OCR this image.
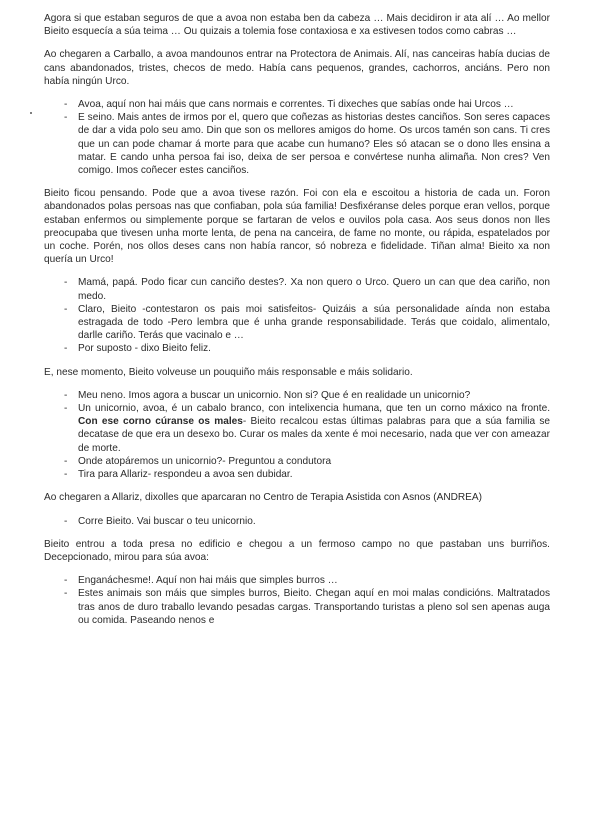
Agora si que estaban seguros de que a avoa non estaba ben da cabeza … Mais decidiron ir ata alí … Ao mellor Bieito esquecía a súa teima … Ou quizais a tolemia fose contaxiosa e xa estivesen todos como cabras …

Ao chegaren a Carballo, a avoa mandounos entrar na Protectora de Animais. Alí, nas canceiras había ducias de cans abandonados, tristes, checos de medo. Había cans pequenos, grandes, cachorros, anciáns. Pero non había ningún Urco.

- Avoa, aquí non hai máis que cans normais e correntes. Ti dixeches que sabías onde hai Urcos …
- E seino. Mais antes de irmos por el, quero que coñezas as historias destes canciños. Son seres capaces de dar a vida polo seu amo. Din que son os mellores amigos do home. Os urcos tamén son cans. Ti cres que un can pode chamar á morte para que acabe cun humano? Eles só atacan se o dono lles ensina a matar. E cando unha persoa fai iso, deixa de ser persoa e convértese nunha alimaña. Non cres? Ven comigo. Imos coñecer estes canciños.

Bieito ficou pensando. Pode que a avoa tivese razón. Foi con ela e escoitou a historia de cada un. Foron abandonados polas persoas nas que confiaban, pola súa familia! Desfixéranse deles porque eran vellos, porque estaban enfermos ou simplemente porque se fartaran de velos e ouvilos pola casa. Aos seus donos non lles preocupaba que tivesen unha morte lenta, de pena na canceira, de fame no monte, ou rápida, espatelados por un coche. Porén, nos ollos deses cans non había rancor, só nobreza e fidelidade. Tiñan alma! Bieito xa non quería un Urco!

- Mamá, papá. Podo ficar cun canciño destes?. Xa non quero o Urco. Quero un can que dea cariño, non medo.
- Claro, Bieito -contestaron os pais moi satisfeitos- Quizáis a súa personalidade aínda non estaba estragada de todo -Pero lembra que é unha grande responsabilidade. Terás que coidalo, alimentalo, darlle cariño. Terás que vacinalo e …
- Por suposto - dixo Bieito feliz.

E, nese momento, Bieito volveuse un pouquiño máis responsable e máis solidario.

- Meu neno. Imos agora a buscar un unicornio. Non si? Que é en realidade un unicornio?
- Un unicornio, avoa, é un cabalo branco, con intelixencia humana, que ten un corno máxico na fronte. Con ese corno cúranse os males- Bieito recalcou estas últimas palabras para que a súa familia se decatase de que era un desexo bo. Curar os males da xente é moi necesario, nada que ver con ameazar de morte.
- Onde atopáremos un unicornio?- Preguntou a condutora
- Tira para Allariz- respondeu a avoa sen dubidar.

Ao chegaren a Allariz, dixolles que aparcaran no Centro de Terapia Asistida con Asnos (ANDREA)

- Corre Bieito. Vai buscar o teu unicornio.

Bieito entrou a toda presa no edificio e chegou a un fermoso campo no que pastaban uns burriños. Decepcionado, mirou para súa avoa:

- Enganáchesme!. Aquí non hai máis que simples burros …
- Estes animais son máis que simples burros, Bieito. Chegan aquí en moi malas condicións. Maltratados tras anos de duro traballo levando pesadas cargas. Transportando turistas a pleno sol sen apenas auga ou comida. Paseando nenos e
